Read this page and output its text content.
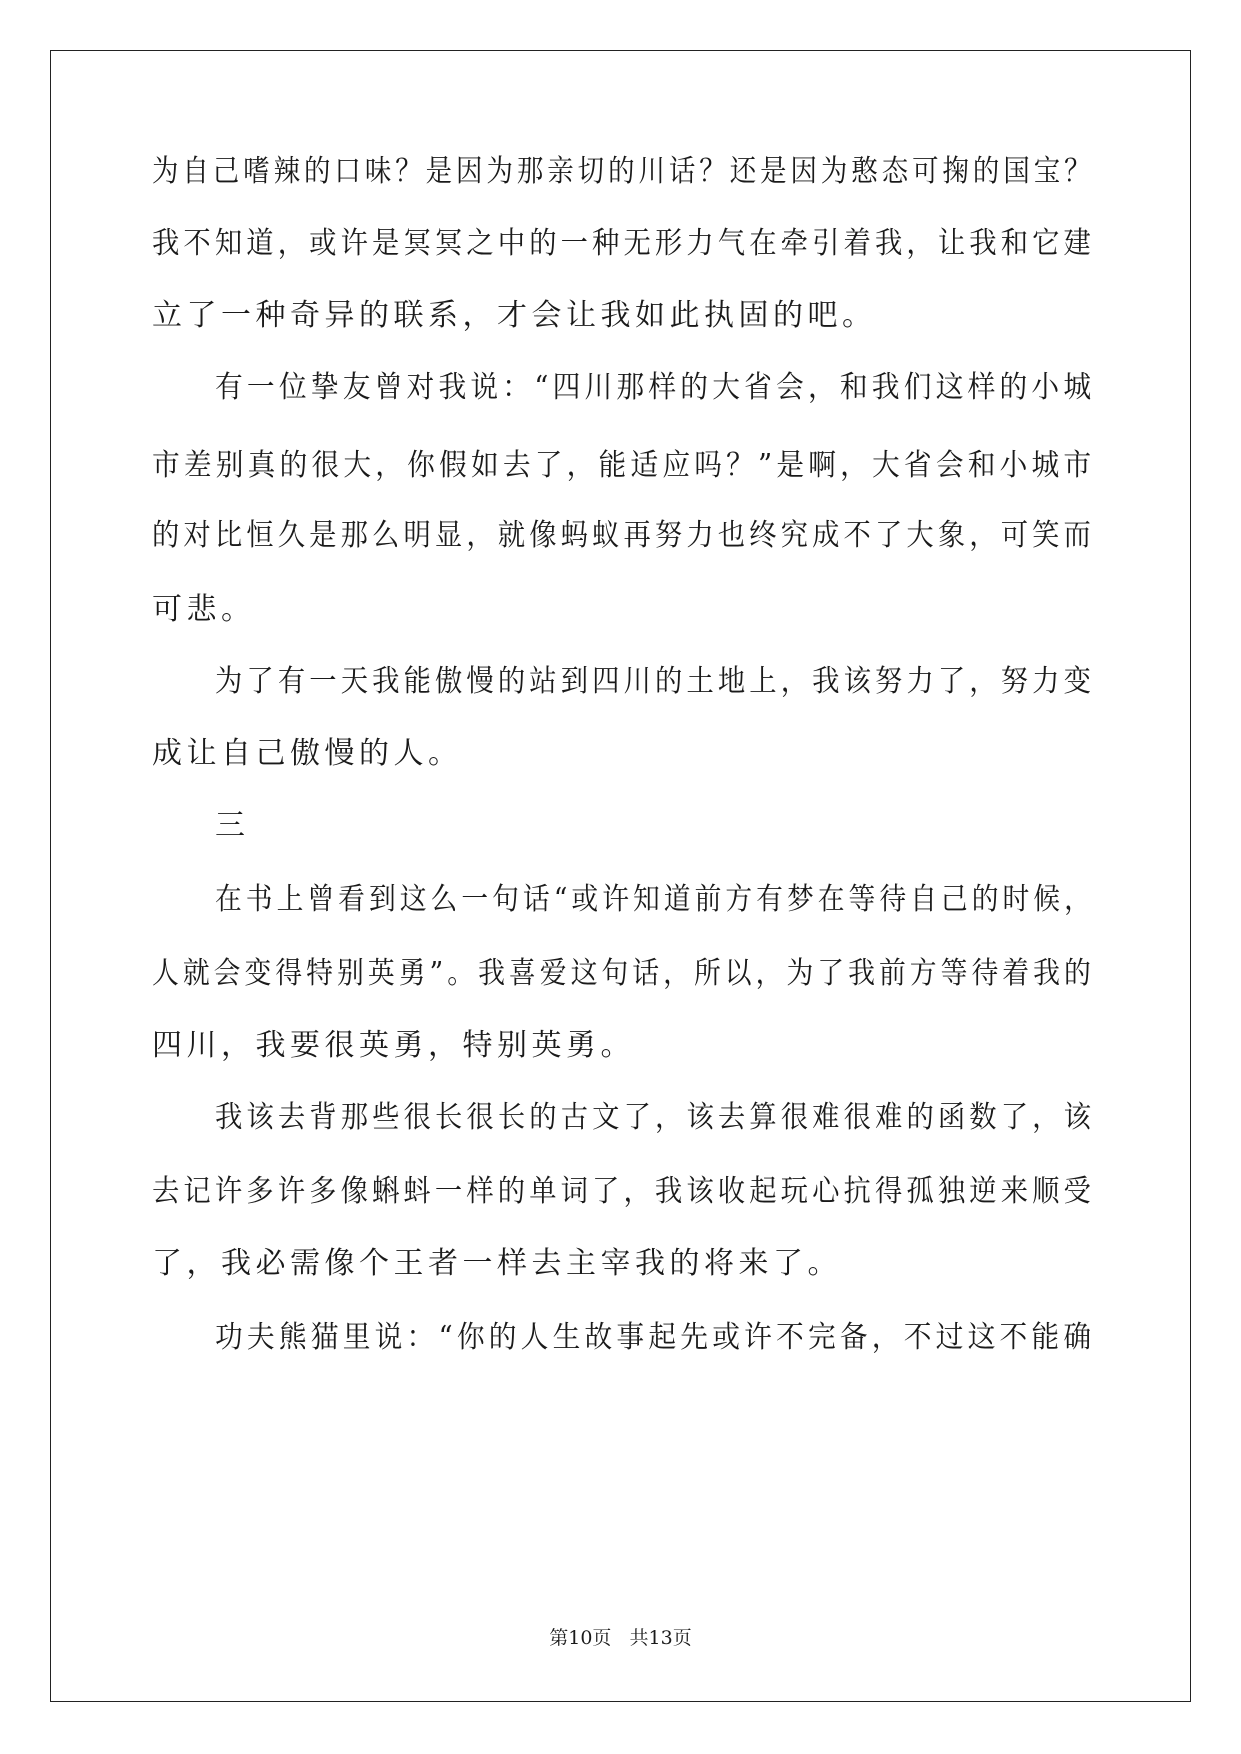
为自己嗜辣的口味？是因为那亲切的川话？还是因为憨态可掬的国宝？
我不知道，或许是冥冥之中的一种无形力气在牵引着我，让我和它建
立了一种奇异的联系，才会让我如此执固的吧。
有一位挚友曾对我说：“四川那样的大省会，和我们这样的小城
市差别真的很大，你假如去了，能适应吗？”是啊，大省会和小城市
的对比恒久是那么明显，就像蚂蚁再努力也终究成不了大象，可笑而
可悲。
为了有一天我能傲慢的站到四川的土地上，我该努力了，努力变
成让自己傲慢的人。
三
在书上曾看到这么一句话“或许知道前方有梦在等待自己的时候，
人就会变得特别英勇”。我喜爱这句话，所以，为了我前方等待着我的
四川，我要很英勇，特别英勇。
我该去背那些很长很长的古文了，该去算很难很难的函数了，该
去记许多许多像蝌蚪一样的单词了，我该收起玩心抗得孤独逆来顺受
了，我必需像个王者一样去主宰我的将来了。
功夫熊猫里说：“你的人生故事起先或许不完备，不过这不能确
第10页   共13页
